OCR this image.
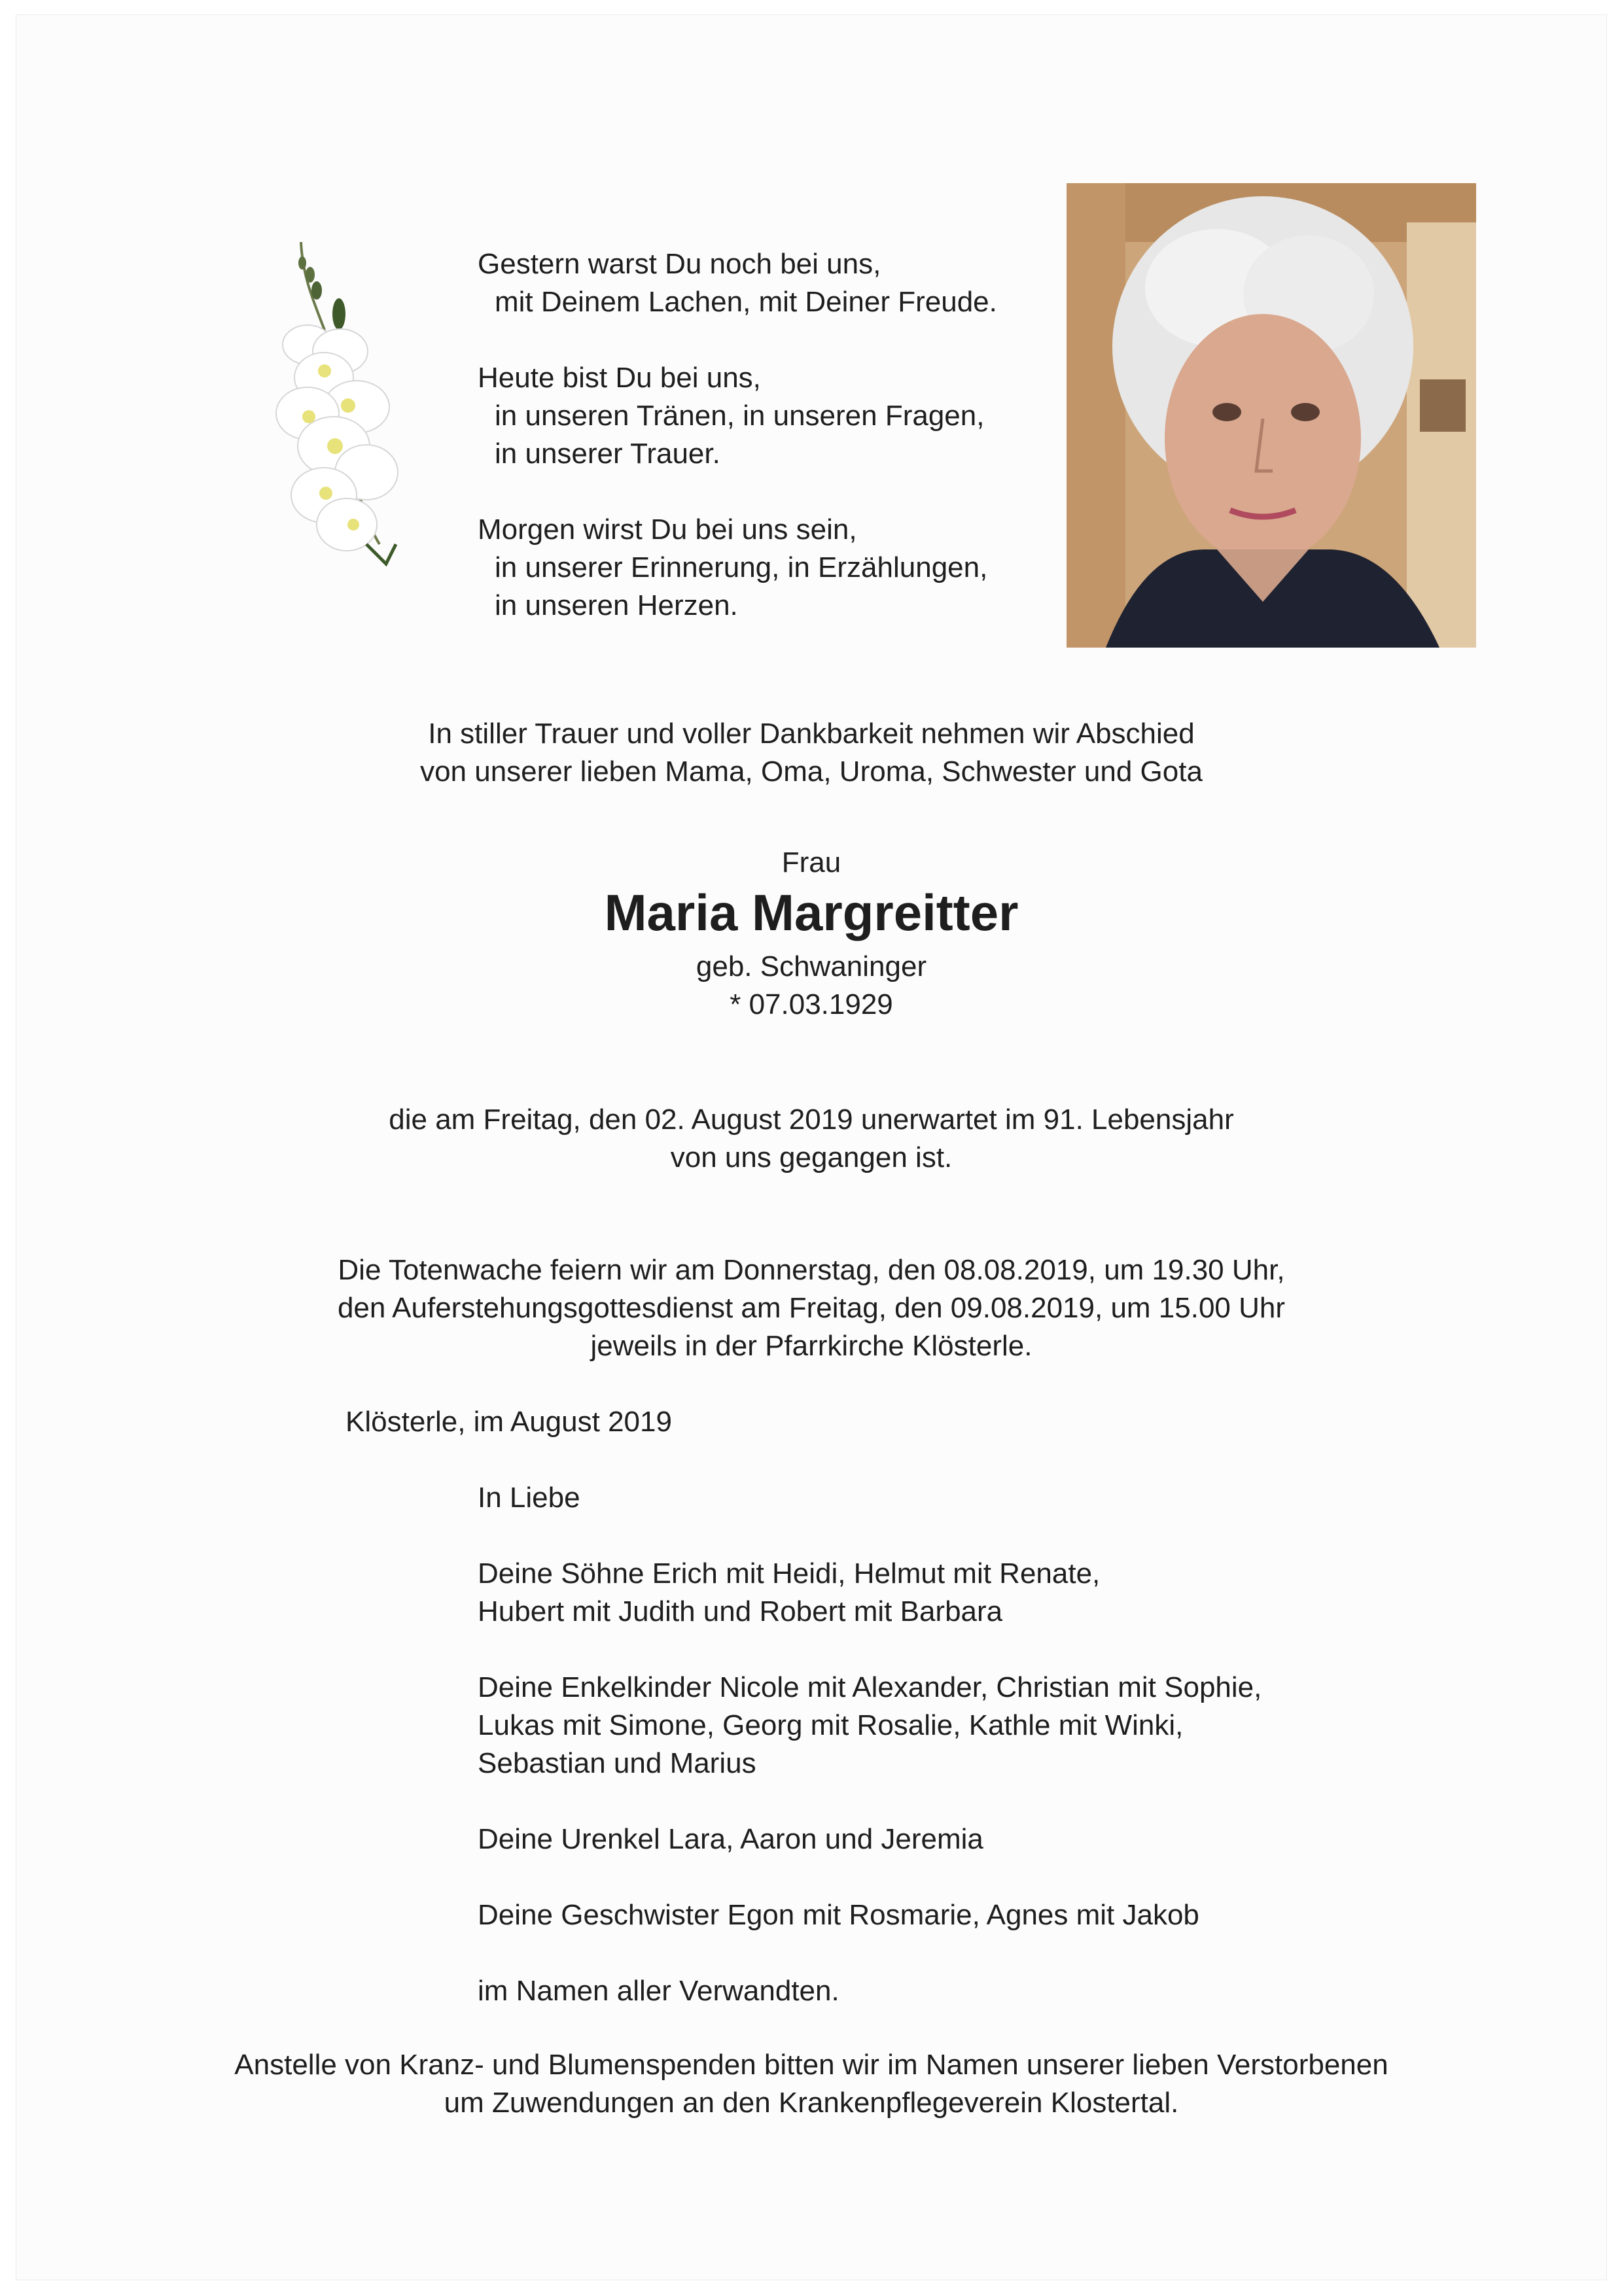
Gestern warst Du noch bei uns,
mit Deinem Lachen, mit Deiner Freude.

Heute bist Du bei uns,
in unseren Tränen, in unseren Fragen,
in unserer Trauer.

Morgen wirst Du bei uns sein,
in unserer Erinnerung, in Erzählungen,
in unseren Herzen.

In stiller Trauer und voller Dankbarkeit nehmen wir Abschied
von unserer lieben Mama, Oma, Uroma, Schwester und Gota
Frau
Maria Margreitter
geb. Schwaninger
* 07.03.1929
die am Freitag, den 02. August 2019 unerwartet im 91. Lebensjahr
von uns gegangen ist.
Die Totenwache feiern wir am Donnerstag, den 08.08.2019, um 19.30 Uhr,
den Auferstehungsgottesdienst am Freitag, den 09.08.2019, um 15.00 Uhr
jeweils in der Pfarrkirche Klösterle.
Klösterle, im August 2019

In Liebe

Deine Söhne Erich mit Heidi, Helmut mit Renate,
Hubert mit Judith und Robert mit Barbara

Deine Enkelkinder Nicole mit Alexander, Christian mit Sophie,
Lukas mit Simone, Georg mit Rosalie, Kathle mit Winki,
Sebastian und Marius

Deine Urenkel Lara, Aaron und Jeremia

Deine Geschwister Egon mit Rosmarie, Agnes mit Jakob

im Namen aller Verwandten.

Anstelle von Kranz- und Blumenspenden bitten wir im Namen unserer lieben Verstorbenen
um Zuwendungen an den Krankenpflegeverein Klostertal.
